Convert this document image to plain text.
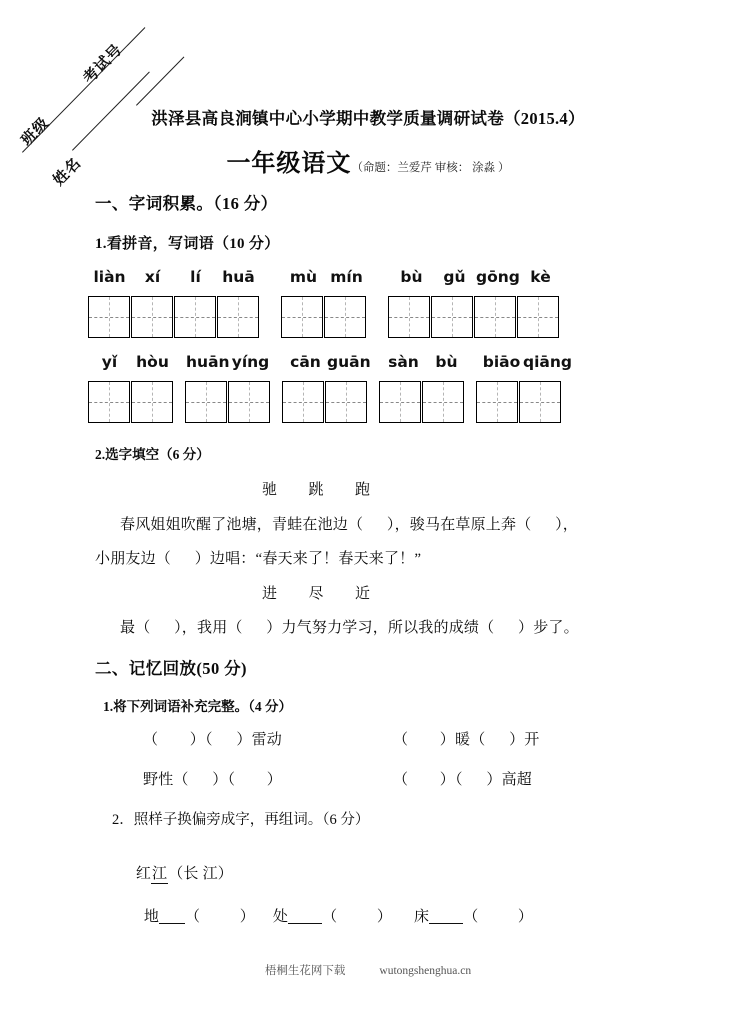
班级
考试号
姓名
洪泽县高良涧镇中心小学期中教学质量调研试卷（2015.4）
一年级语文（命题：兰爱芹 审核： 涂淼 ）
一、字词积累。（16 分）
1.看拼音，写词语（10 分）
liàn	xí	lí	huā	mù mín	bù	gǔ gōng kè
yǐ	hòu	huān yíng	cān guān	sàn	bù	biāo qiāng
2.选字填空（6 分）
驰  跳  跑
春风姐姐吹醒了池塘，青蛙在池边（      ），骏马在草原上奔（      ），
小朋友边（      ）边唱：“春天来了！春天来了！”
进  尽  近
最（      ），我用（      ）力气努力学习，所以我的成绩（      ）步了。
二、记忆回放(50 分)
1.将下列词语补充完整。（4 分）
（        ）（      ）雷动	（        ）暖（      ）开
野性（      ）（        ）	（        ）（      ）高超
2．照样子换偏旁成字，再组词。（6 分）

红江（长 江）

地 （          ） 处 （          ） 床 （          ）

梧桐生花网下载	wutongshenghua.cn
